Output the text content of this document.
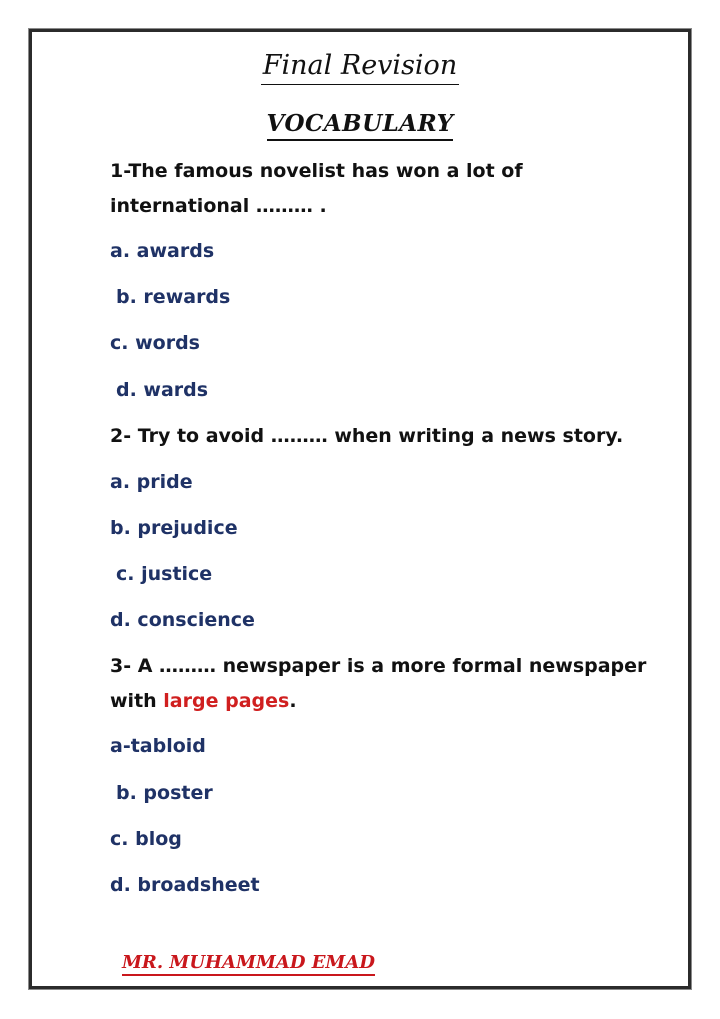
Final Revision
VOCABULARY
1-The famous novelist has won a lot of
international ……… .
a. awards
b. rewards
c. words
d. wards
2- Try to avoid ……… when writing a news story.
a. pride
b. prejudice
c. justice
d. conscience
3- A ……… newspaper is a more formal newspaper
with large pages.
a-tabloid
b. poster
c. blog
d. broadsheet
MR. MUHAMMAD EMAD
